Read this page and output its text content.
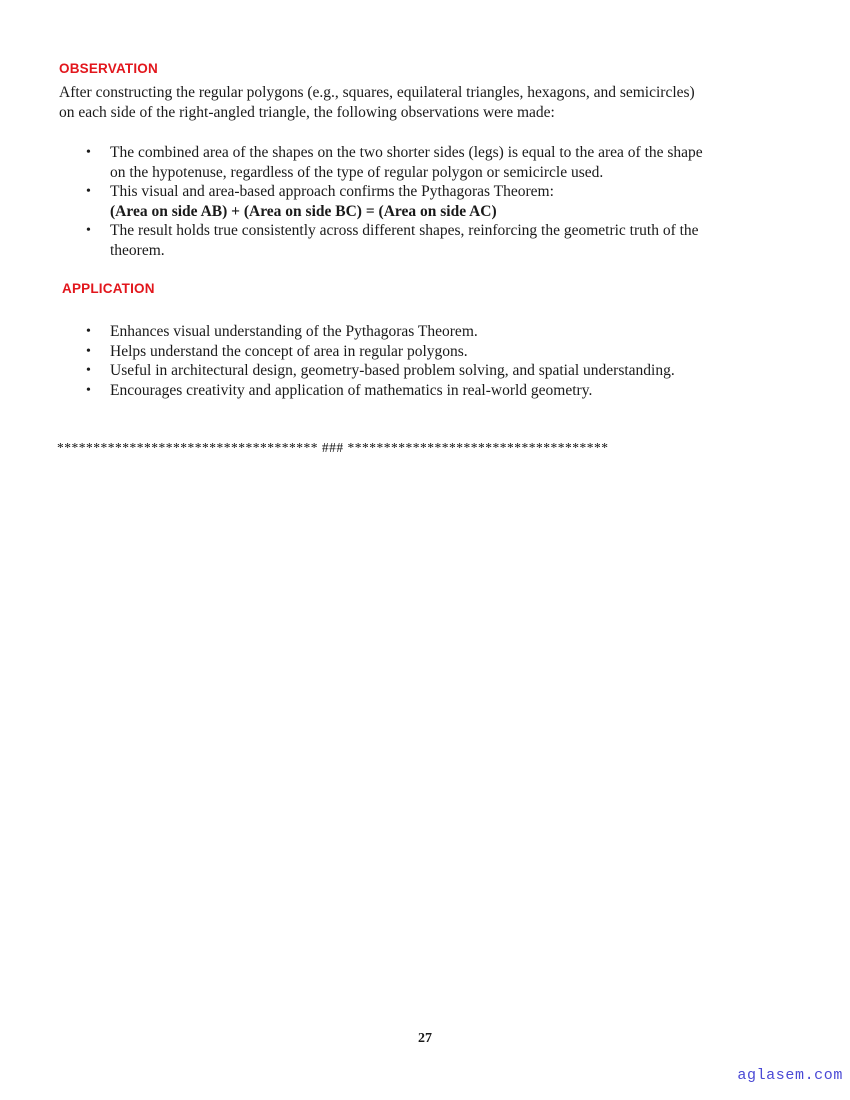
OBSERVATION

After constructing the regular polygons (e.g., squares, equilateral triangles, hexagons, and semicircles)
on each side of the right-angled triangle, the following observations were made:

• The combined area of the shapes on the two shorter sides (legs) is equal to the area of the shape
on the hypotenuse, regardless of the type of regular polygon or semicircle used.
• This visual and area-based approach confirms the Pythagoras Theorem:
(Area on side AB) + (Area on side BC) = (Area on side AC)
• The result holds true consistently across different shapes, reinforcing the geometric truth of the
theorem.
APPLICATION
• Enhances visual understanding of the Pythagoras Theorem.
• Helps understand the concept of area in regular polygons.
• Useful in architectural design, geometry-based problem solving, and spatial understanding.
• Encourages creativity and application of mathematics in real-world geometry.
************************************ ### ************************************
27
aglasem.com
